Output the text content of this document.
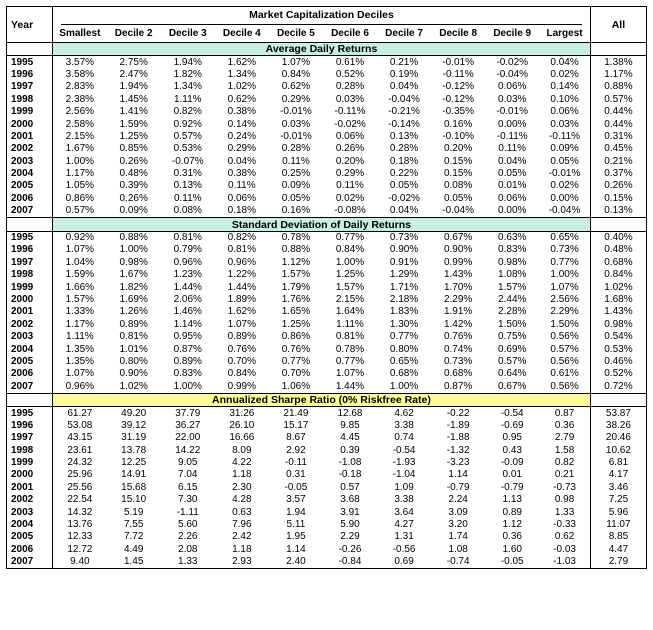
Year	Market Capitalization Deciles										All
	Smallest	Decile 2	Decile 3	Decile 4	Decile 5	Decile 6	Decile 7	Decile 8	Decile 9	Largest	
	Average Daily Returns										
1995	3.57%	2.75%	1.94%	1.62%	1.07%	0.61%	0.21%	-0.01%	-0.02%	0.04%	1.38%
1996	3.58%	2.47%	1.82%	1.34%	0.84%	0.52%	0.19%	-0.11%	-0.04%	0.02%	1.17%
1997	2.83%	1.94%	1.34%	1.02%	0.62%	0.28%	0.04%	-0.12%	0.06%	0.14%	0.88%
1998	2.38%	1.45%	1.11%	0.62%	0.29%	0.03%	-0.04%	-0.12%	0.03%	0.10%	0.57%
1999	2.56%	1.41%	0.82%	0.38%	-0.01%	-0.11%	-0.21%	-0.35%	-0.01%	0.06%	0.44%
2000	2.58%	1.59%	0.92%	0.14%	0.03%	-0.02%	-0.14%	0.16%	0.00%	0.03%	0.44%
2001	2.15%	1.25%	0.57%	0.24%	-0.01%	0.06%	0.13%	-0.10%	-0.11%	-0.11%	0.31%
2002	1.67%	0.85%	0.53%	0.29%	0.28%	0.26%	0.28%	0.20%	0.11%	0.09%	0.45%
2003	1.00%	0.26%	-0.07%	0.04%	0.11%	0.20%	0.18%	0.15%	0.04%	0.05%	0.21%
2004	1.17%	0.48%	0.31%	0.38%	0.25%	0.29%	0.22%	0.15%	0.05%	-0.01%	0.37%
2005	1.05%	0.39%	0.13%	0.11%	0.09%	0.11%	0.05%	0.08%	0.01%	0.02%	0.26%
2006	0.86%	0.26%	0.11%	0.06%	0.05%	0.02%	-0.02%	0.05%	0.06%	0.00%	0.15%
2007	0.57%	0.09%	0.08%	0.18%	0.16%	-0.08%	0.04%	-0.04%	0.00%	-0.04%	0.13%
	Standard Deviation of Daily Returns										
1995	0.92%	0.88%	0.81%	0.82%	0.78%	0.77%	0.73%	0.67%	0.63%	0.65%	0.40%
1996	1.07%	1.00%	0.79%	0.81%	0.88%	0.84%	0.90%	0.90%	0.83%	0.73%	0.48%
1997	1.04%	0.98%	0.96%	0.96%	1.12%	1.00%	0.91%	0.99%	0.98%	0.77%	0.68%
1998	1.59%	1.67%	1.23%	1.22%	1.57%	1.25%	1.29%	1.43%	1.08%	1.00%	0.84%
1999	1.66%	1.82%	1.44%	1.44%	1.79%	1.57%	1.71%	1.70%	1.57%	1.07%	1.02%
2000	1.57%	1.69%	2.06%	1.89%	1.76%	2.15%	2.18%	2.29%	2.44%	2.56%	1.68%
2001	1.33%	1.26%	1.46%	1.62%	1.65%	1.64%	1.83%	1.91%	2.28%	2.29%	1.43%
2002	1.17%	0.89%	1.14%	1.07%	1.25%	1.11%	1.30%	1.42%	1.50%	1.50%	0.98%
2003	1.11%	0.81%	0.95%	0.89%	0.86%	0.81%	0.77%	0.76%	0.75%	0.56%	0.54%
2004	1.35%	1.01%	0.87%	0.76%	0.76%	0.78%	0.80%	0.74%	0.69%	0.57%	0.53%
2005	1.35%	0.80%	0.89%	0.70%	0.77%	0.77%	0.65%	0.73%	0.57%	0.56%	0.46%
2006	1.07%	0.90%	0.83%	0.84%	0.70%	1.07%	0.68%	0.68%	0.64%	0.61%	0.52%
2007	0.96%	1.02%	1.00%	0.99%	1.06%	1.44%	1.00%	0.87%	0.67%	0.56%	0.72%
	Annualized Sharpe Ratio (0% Riskfree Rate)										
1995	61.27	49.20	37.79	31.26	21.49	12.68	4.62	-0.22	-0.54	0.87	53.87
1996	53.08	39.12	36.27	26.10	15.17	9.85	3.38	-1.89	-0.69	0.36	38.26
1997	43.15	31.19	22.00	16.66	8.67	4.45	0.74	-1.88	0.95	2.79	20.46
1998	23.61	13.78	14.22	8.09	2.92	0.39	-0.54	-1.32	0.43	1.58	10.62
1999	24.32	12.25	9.05	4.22	-0.11	-1.08	-1.93	-3.23	-0.09	0.82	6.81
2000	25.96	14.91	7.04	1.18	0.31	-0.18	-1.04	1.14	0.01	0.21	4.17
2001	25.56	15.68	6.15	2.30	-0.05	0.57	1.09	-0.79	-0.79	-0.73	3.46
2002	22.54	15.10	7.30	4.28	3.57	3.68	3.38	2.24	1.13	0.98	7.25
2003	14.32	5.19	-1.11	0.63	1.94	3.91	3.64	3.09	0.89	1.33	5.96
2004	13.76	7.55	5.60	7.96	5.11	5.90	4.27	3.20	1.12	-0.33	11.07
2005	12.33	7.72	2.26	2.42	1.95	2.29	1.31	1.74	0.36	0.62	8.85
2006	12.72	4.49	2.08	1.18	1.14	-0.26	-0.56	1.08	1.60	-0.03	4.47
2007	9.40	1.45	1.33	2.93	2.40	-0.84	0.69	-0.74	-0.05	-1.03	2.79
